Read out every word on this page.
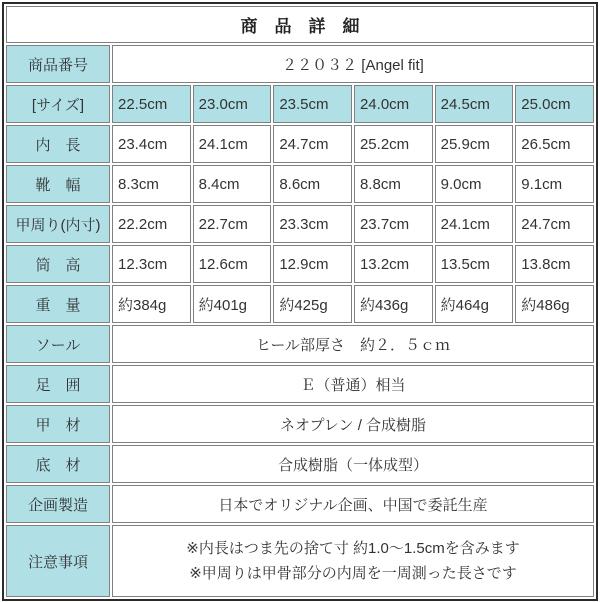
商　品　詳　細						
商品番号	２２０３２ [Angel fit]					
[サイズ]	22.5cm	23.0cm	23.5cm	24.0cm	24.5cm	25.0cm
内　長	23.4cm	24.1cm	24.7cm	25.2cm	25.9cm	26.5cm
靴　幅	8.3cm	8.4cm	8.6cm	8.8cm	9.0cm	9.1cm
甲周り(内寸)	22.2cm	22.7cm	23.3cm	23.7cm	24.1cm	24.7cm
筒　高	12.3cm	12.6cm	12.9cm	13.2cm	13.5cm	13.8cm
重　量	約384g	約401g	約425g	約436g	約464g	約486g
ソール	ヒール部厚さ　約２．５ｃｍ					
足　囲	Ｅ（普通）相当					
甲　材	ネオプレン / 合成樹脂					
底　材	合成樹脂（一体成型）					
企画製造	日本でオリジナル企画、中国で委託生産					
注意事項	※内長はつま先の捨て寸 約1.0～1.5cmを含みます
※甲周りは甲骨部分の内周を一周測った長さです					
